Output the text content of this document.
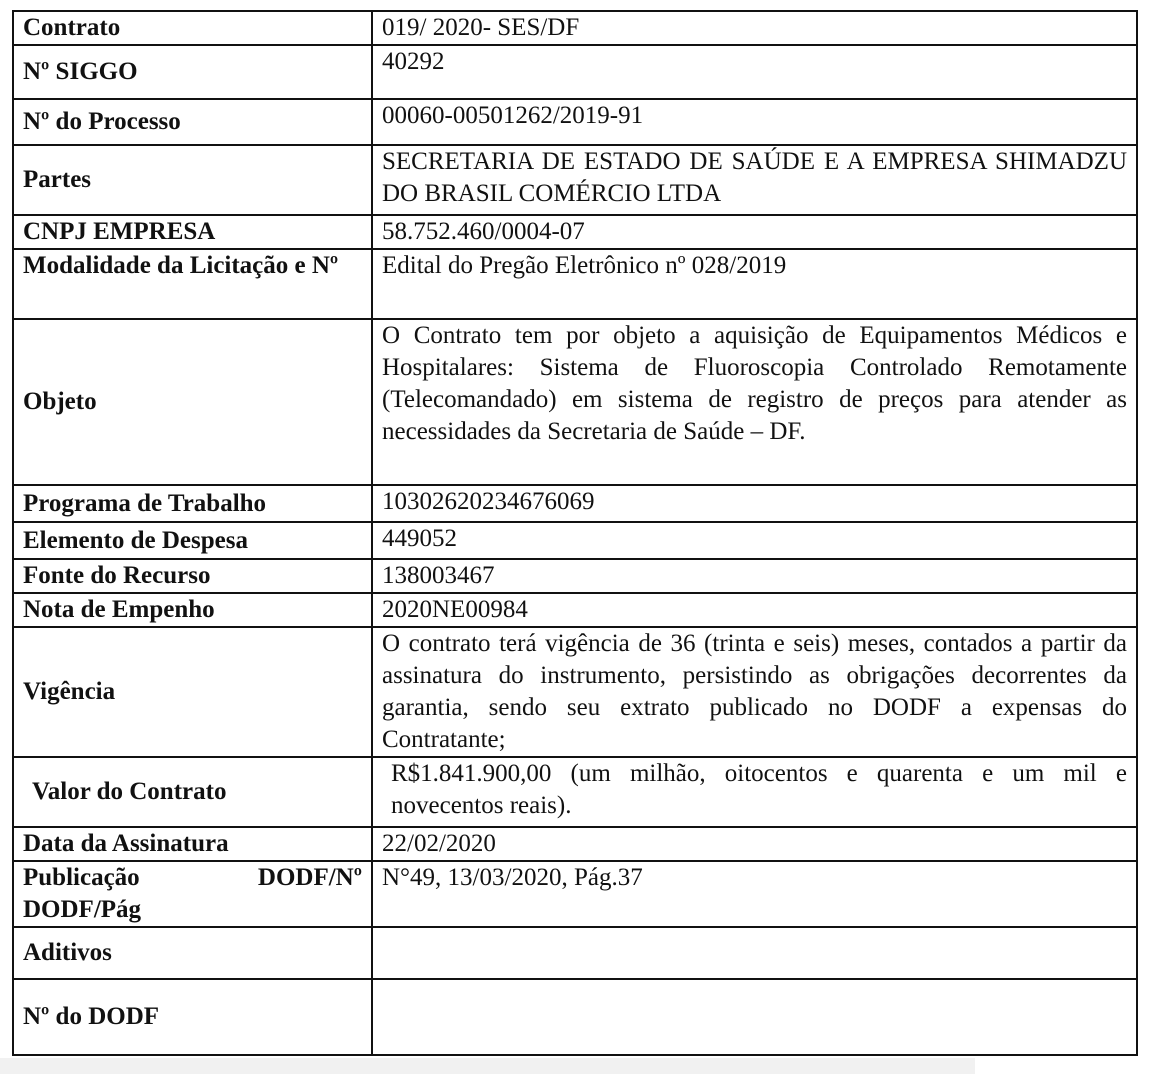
Contrato	019/ 2020- SES/DF
Nº SIGGO	40292
Nº do Processo	00060-00501262/2019-91
Partes	SECRETARIA DE ESTADO DE SAÚDE E A EMPRESA SHIMADZU DO BRASIL COMÉRCIO LTDA
CNPJ EMPRESA	58.752.460/0004-07
Modalidade da Licitação e Nº	Edital do Pregão Eletrônico nº 028/2019
Objeto	O Contrato tem por objeto a aquisição de Equipamentos Médicos e Hospitalares: Sistema de Fluoroscopia Controlado Remotamente (Telecomandado) em sistema de registro de preços para atender as necessidades da Secretaria de Saúde – DF.
Programa de Trabalho	10302620234676069
Elemento de Despesa	449052
Fonte do Recurso	138003467
Nota de Empenho	2020NE00984
Vigência	O contrato terá vigência de 36 (trinta e seis) meses, contados a partir da assinatura do instrumento, persistindo as obrigações decorrentes da garantia, sendo seu extrato publicado no DODF a expensas do Contratante;
Valor do Contrato	R$1.841.900,00 (um milhão, oitocentos e quarenta e um mil e novecentos reais).
Data da Assinatura	22/02/2020
Publicação DODF/Nº DODF/Pág	N°49, 13/03/2020, Pág.37
Aditivos	
Nº do DODF	
